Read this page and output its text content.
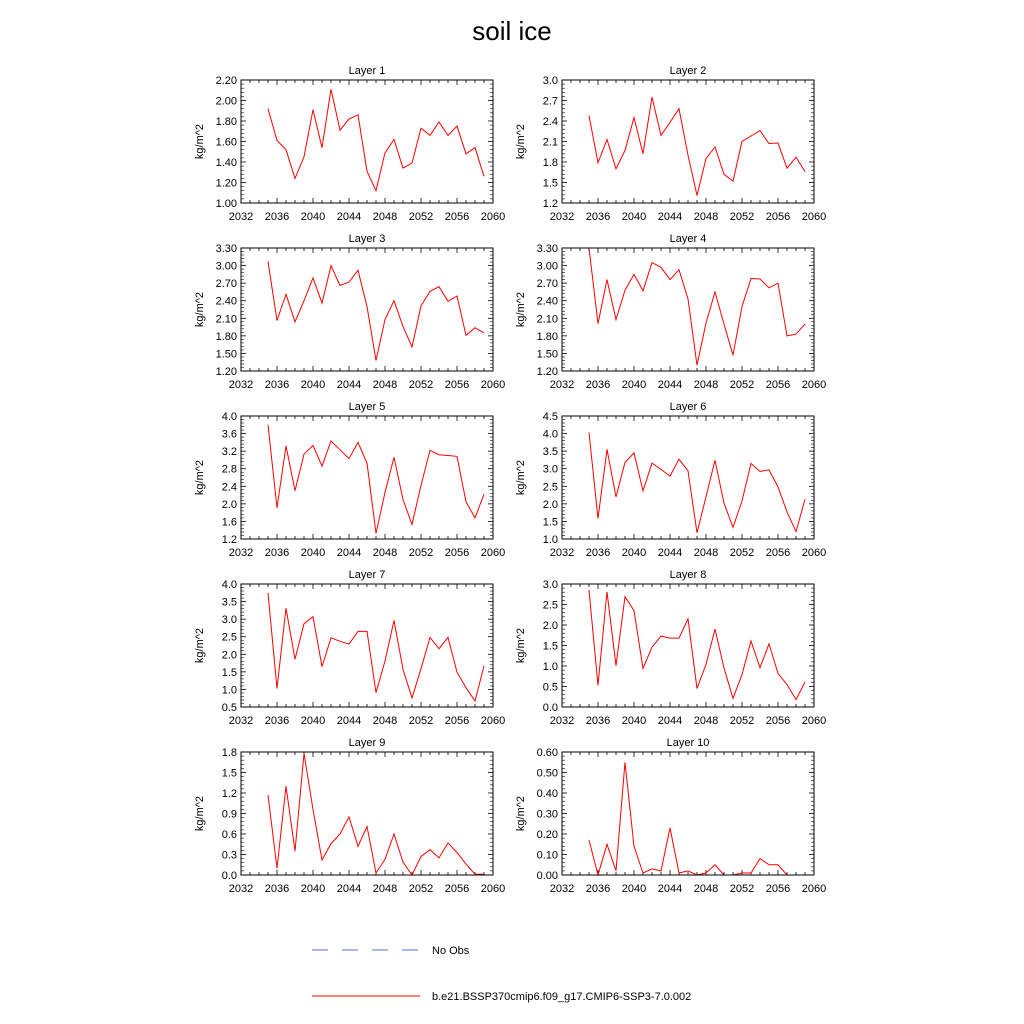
soil ice
Layer 1
1.00
1.20
1.40
1.60
1.80
2.00
2.20
2032 2036 2040 2044 2048 2052 2056 2060
kg/m^2
Layer 2
1.2
1.5
1.8
2.1
2.4
2.7
3.0
2032 2036 2040 2044 2048 2052 2056 2060
kg/m^2
Layer 3
1.20
1.50
1.80
2.10
2.40
2.70
3.00
3.30
2032 2036 2040 2044 2048 2052 2056 2060
kg/m^2
Layer 4
1.20
1.50
1.80
2.10
2.40
2.70
3.00
3.30
2032 2036 2040 2044 2048 2052 2056 2060
kg/m^2
Layer 5
1.2
1.6
2.0
2.4
2.8
3.2
3.6
4.0
2032 2036 2040 2044 2048 2052 2056 2060
kg/m^2
Layer 6
1.0
1.5
2.0
2.5
3.0
3.5
4.0
4.5
2032 2036 2040 2044 2048 2052 2056 2060
kg/m^2
Layer 7
0.5
1.0
1.5
2.0
2.5
3.0
3.5
4.0
2032 2036 2040 2044 2048 2052 2056 2060
kg/m^2
Layer 8
0.0
0.5
1.0
1.5
2.0
2.5
3.0
2032 2036 2040 2044 2048 2052 2056 2060
kg/m^2
Layer 9
0.0
0.3
0.6
0.9
1.2
1.5
1.8
2032 2036 2040 2044 2048 2052 2056 2060
kg/m^2
Layer 10
0.00
0.10
0.20
0.30
0.40
0.50
0.60
2032 2036 2040 2044 2048 2052 2056 2060
kg/m^2
No Obs
b.e21.BSSP370cmip6.f09_g17.CMIP6-SSP3-7.0.002
